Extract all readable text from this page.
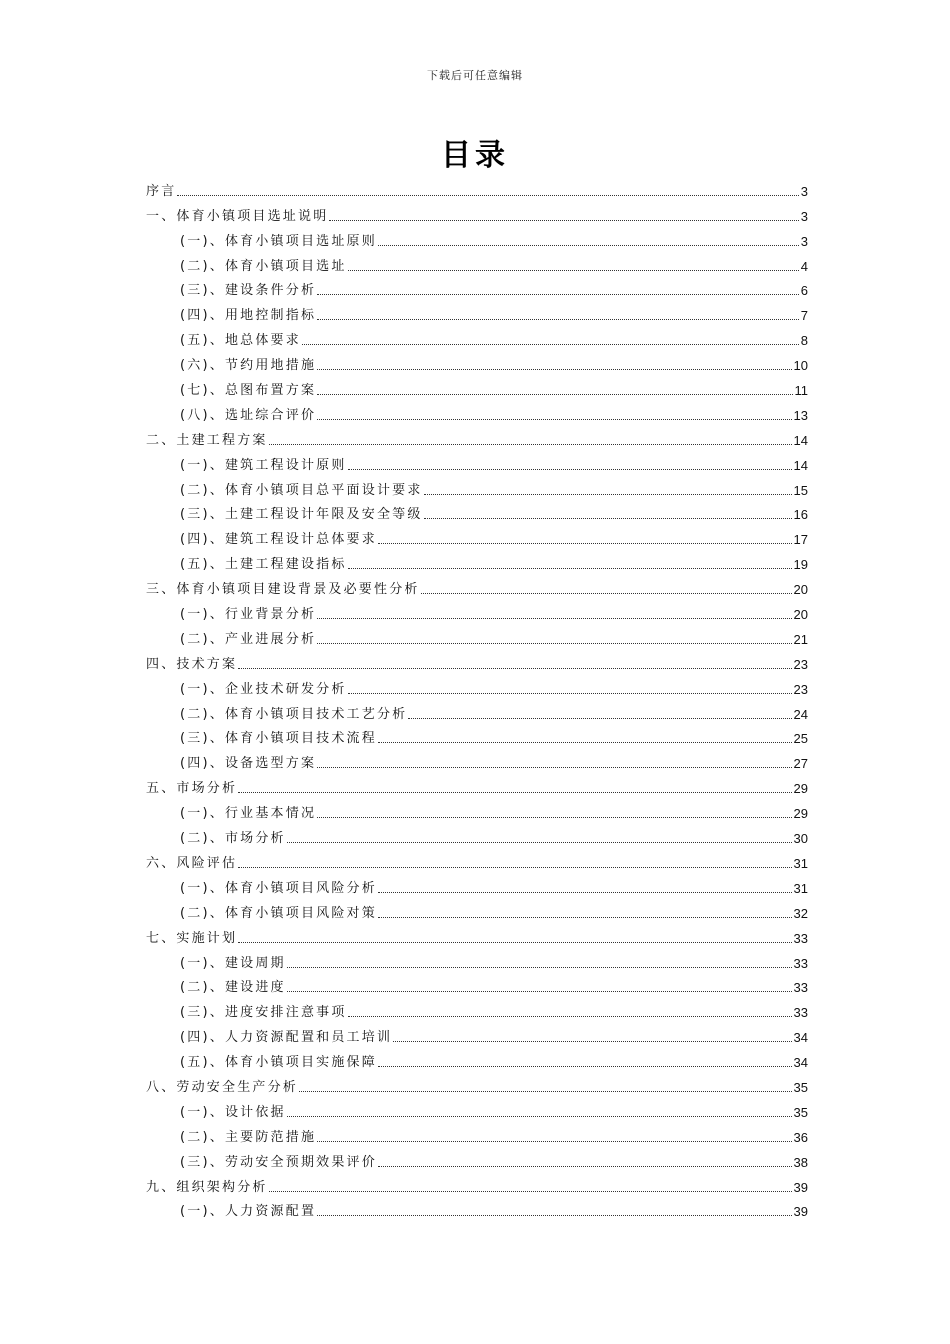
下载后可任意编辑
目录
序言	3
一、体育小镇项目选址说明	3
(一)、体育小镇项目选址原则	3
(二)、体育小镇项目选址	4
(三)、建设条件分析	6
(四)、用地控制指标	7
(五)、地总体要求	8
(六)、节约用地措施	10
(七)、总图布置方案	11
(八)、选址综合评价	13
二、土建工程方案	14
(一)、建筑工程设计原则	14
(二)、体育小镇项目总平面设计要求	15
(三)、土建工程设计年限及安全等级	16
(四)、建筑工程设计总体要求	17
(五)、土建工程建设指标	19
三、体育小镇项目建设背景及必要性分析	20
(一)、行业背景分析	20
(二)、产业进展分析	21
四、技术方案	23
(一)、企业技术研发分析	23
(二)、体育小镇项目技术工艺分析	24
(三)、体育小镇项目技术流程	25
(四)、设备选型方案	27
五、市场分析	29
(一)、行业基本情况	29
(二)、市场分析	30
六、风险评估	31
(一)、体育小镇项目风险分析	31
(二)、体育小镇项目风险对策	32
七、实施计划	33
(一)、建设周期	33
(二)、建设进度	33
(三)、进度安排注意事项	33
(四)、人力资源配置和员工培训	34
(五)、体育小镇项目实施保障	34
八、劳动安全生产分析	35
(一)、设计依据	35
(二)、主要防范措施	36
(三)、劳动安全预期效果评价	38
九、组织架构分析	39
(一)、人力资源配置	39
